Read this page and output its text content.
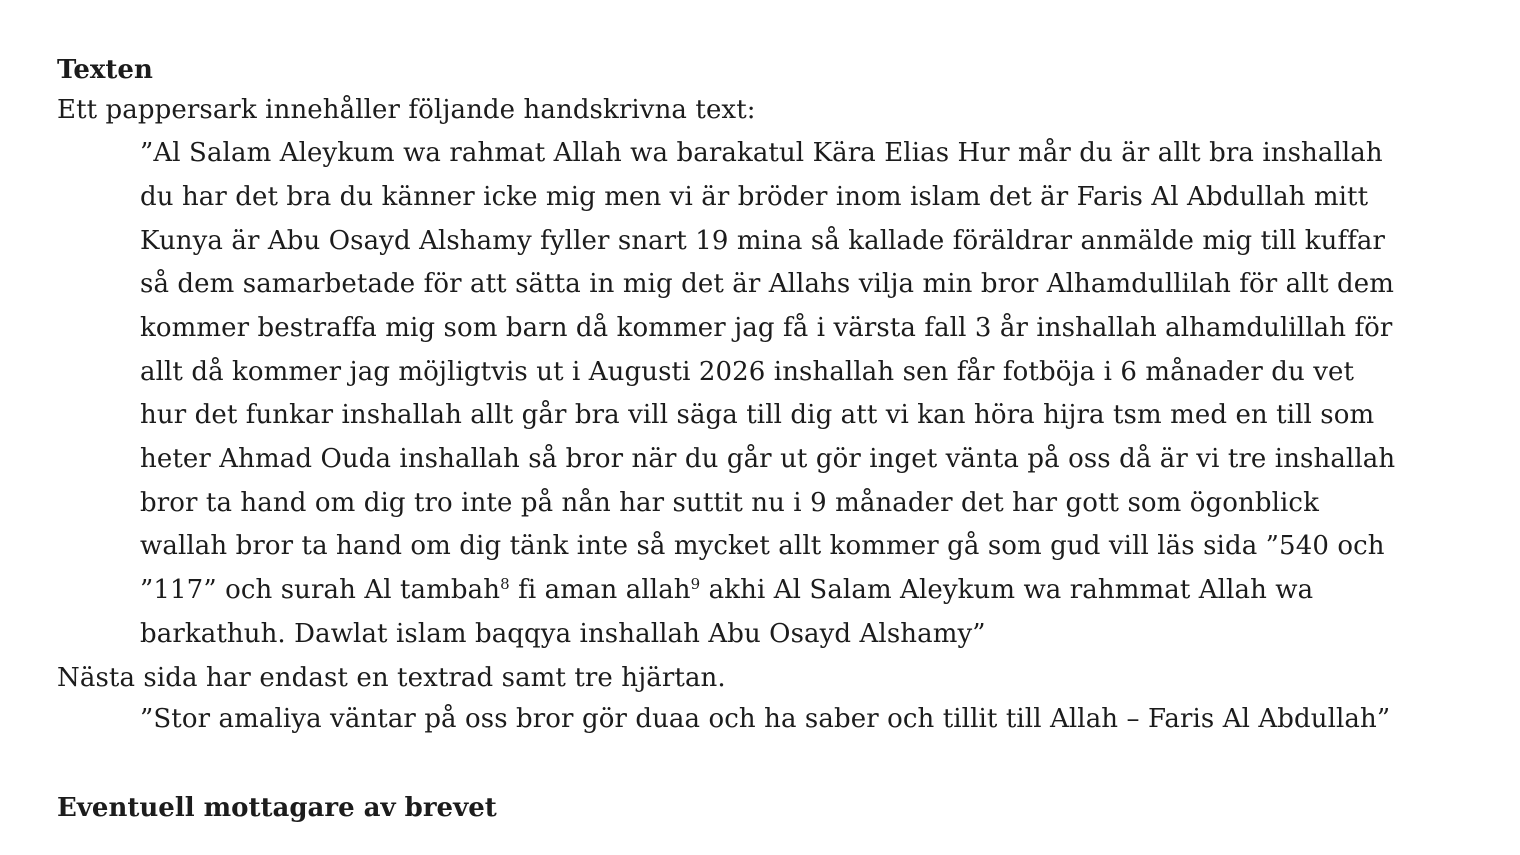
Texten
Ett pappersark innehåller följande handskrivna text:
”Al Salam Aleykum wa rahmat Allah wa barakatul Kära Elias Hur mår du är allt bra inshallah
du har det bra du känner icke mig men vi är bröder inom islam det är Faris Al Abdullah mitt
Kunya är Abu Osayd Alshamy fyller snart 19 mina så kallade föräldrar anmälde mig till kuffar
så dem samarbetade för att sätta in mig det är Allahs vilja min bror Alhamdullilah för allt dem
kommer bestraffa mig som barn då kommer jag få i värsta fall 3 år inshallah alhamdulillah för
allt då kommer jag möjligtvis ut i Augusti 2026 inshallah sen får fotböja i 6 månader du vet
hur det funkar inshallah allt går bra vill säga till dig att vi kan höra hijra tsm med en till som
heter Ahmad Ouda inshallah så bror när du går ut gör inget vänta på oss då är vi tre inshallah
bror ta hand om dig tro inte på nån har suttit nu i 9 månader det har gott som ögonblick
wallah bror ta hand om dig tänk inte så mycket allt kommer gå som gud vill läs sida ”540 och
”117” och surah Al tambah$^8$ fi aman allah$^9$ akhi Al Salam Aleykum wa rahmmat Allah wa
barkathuh. Dawlat islam baqqya inshallah Abu Osayd Alshamy”
Nästa sida har endast en textrad samt tre hjärtan.
”Stor amaliya väntar på oss bror gör duaa och ha saber och tillit till Allah – Faris Al Abdullah”
Eventuell mottagare av brevet
